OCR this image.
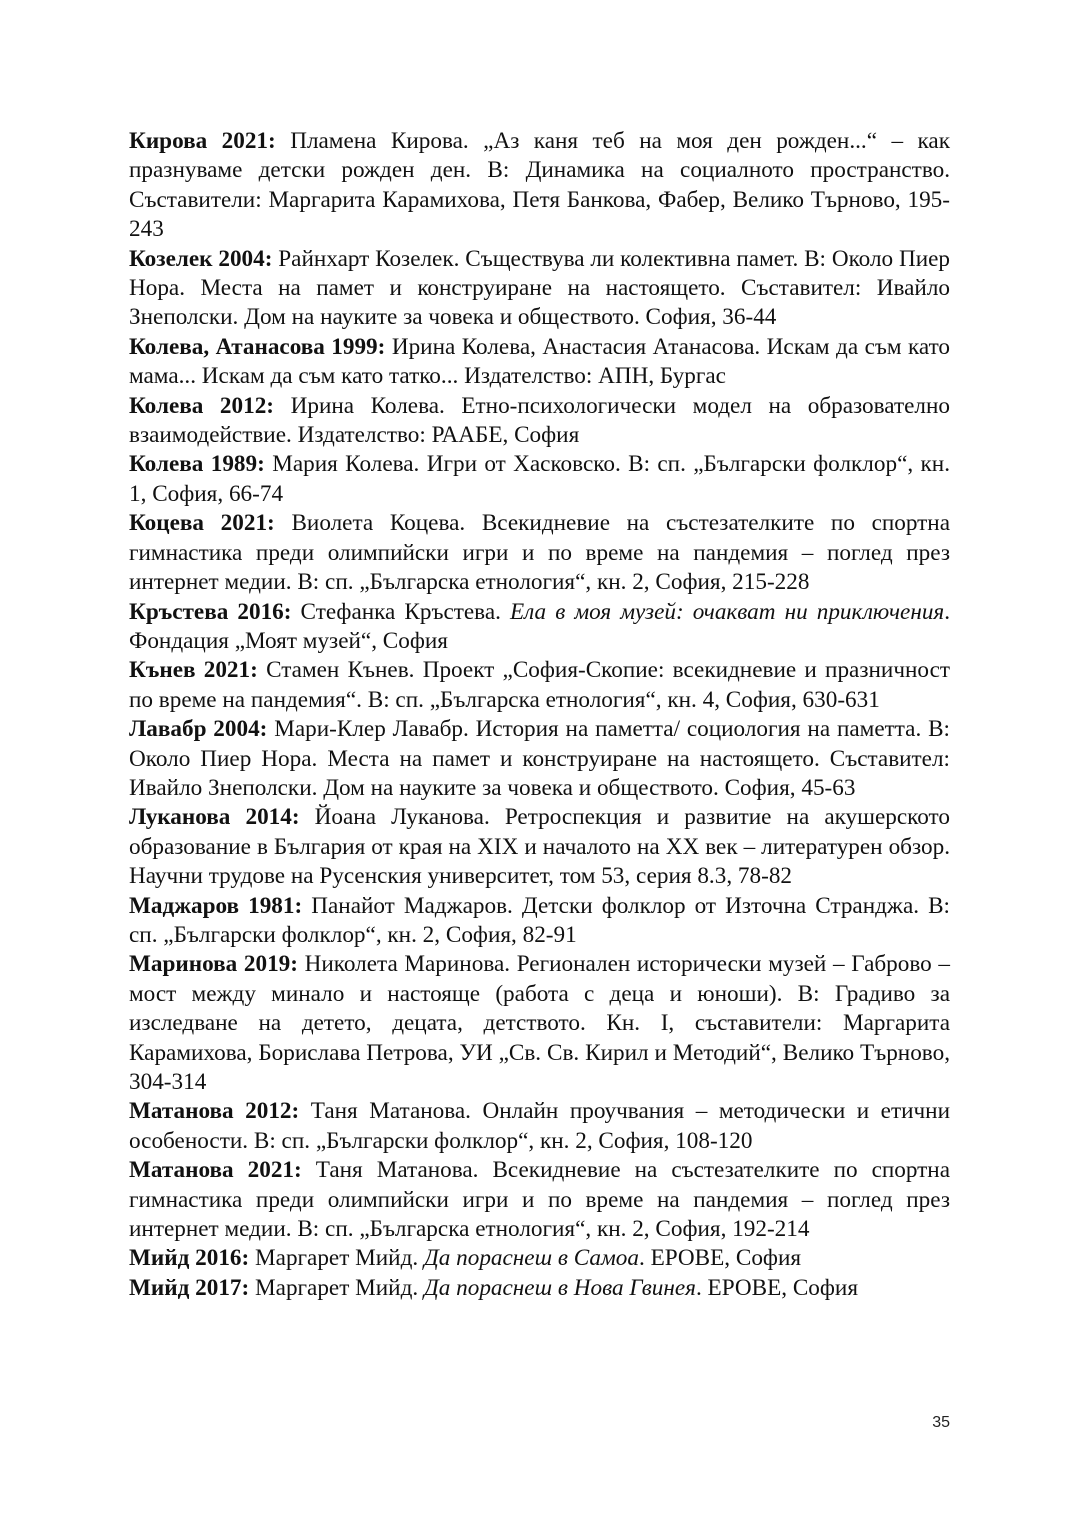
Кирова 2021: Пламена Кирова. „Аз каня теб на моя ден рожден...“ – как празнуваме детски рожден ден. В: Динамика на социалното пространство. Съставители: Маргарита Карамихова, Петя Банкова, Фабер, Велико Търново, 195-243

Козелек 2004: Райнхарт Козелек. Съществува ли колективна памет. В: Около Пиер Нора. Места на памет и конструиране на настоящето. Съставител: Ивайло Знеполски. Дом на науките за човека и обществото. София, 36-44

Колева, Атанасова 1999: Ирина Колева, Анастасия Атанасова. Искам да съм като мама... Искам да съм като татко... Издателство: АПН, Бургас

Колева 2012: Ирина Колева. Етно-психологически модел на образователно взаимодействие. Издателство: РААБЕ, София

Колева 1989: Мария Колева. Игри от Хасковско. В: сп. „Български фолклор“, кн. 1, София, 66-74

Коцева 2021: Виолета Коцева. Всекидневие на състезателките по спортна гимнастика преди олимпийски игри и по време на пандемия – поглед през интернет медии. В: сп. „Българска етнология“, кн. 2, София, 215-228

Кръстева 2016: Стефанка Кръстева. Ела в моя музей: очакват ни приключения. Фондация „Моят музей“, София

Кънев 2021: Стамен Кънев. Проект „София-Скопие: всекидневие и празничност по време на пандемия“. В: сп. „Българска етнология“, кн. 4, София, 630-631

Лавабр 2004: Мари-Клер Лавабр. История на паметта/ социология на паметта. В: Около Пиер Нора. Места на памет и конструиране на настоящето. Съставител: Ивайло Знеполски. Дом на науките за човека и обществото. София, 45-63

Луканова 2014: Йоана Луканова. Ретроспекция и развитие на акушерското образование в България от края на XIX и началото на XX век – литературен обзор. Научни трудове на Русенския университет, том 53, серия 8.3, 78-82

Маджаров 1981: Панайот Маджаров. Детски фолклор от Източна Странджа. В: сп. „Български фолклор“, кн. 2, София, 82-91

Маринова 2019: Николета Маринова. Регионален исторически музей – Габрово – мост между минало и настояще (работа с деца и юноши). В: Градиво за изследване на детето, децата, детството. Кн. I, съставители: Маргарита Карамихова, Борислава Петрова, УИ „Св. Св. Кирил и Методий“, Велико Търново, 304-314

Матанова 2012: Таня Матанова. Онлайн проучвания – методически и етични особености. В: сп. „Български фолклор“, кн. 2, София, 108-120

Матанова 2021: Таня Матанова. Всекидневие на състезателките по спортна гимнастика преди олимпийски игри и по време на пандемия – поглед през интернет медии. В: сп. „Българска етнология“, кн. 2, София, 192-214

Мийд 2016: Маргарет Мийд. Да пораснеш в Самоа. ЕРОВЕ, София

Мийд 2017: Маргарет Мийд. Да пораснеш в Нова Гвинея. ЕРОВЕ, София

35
